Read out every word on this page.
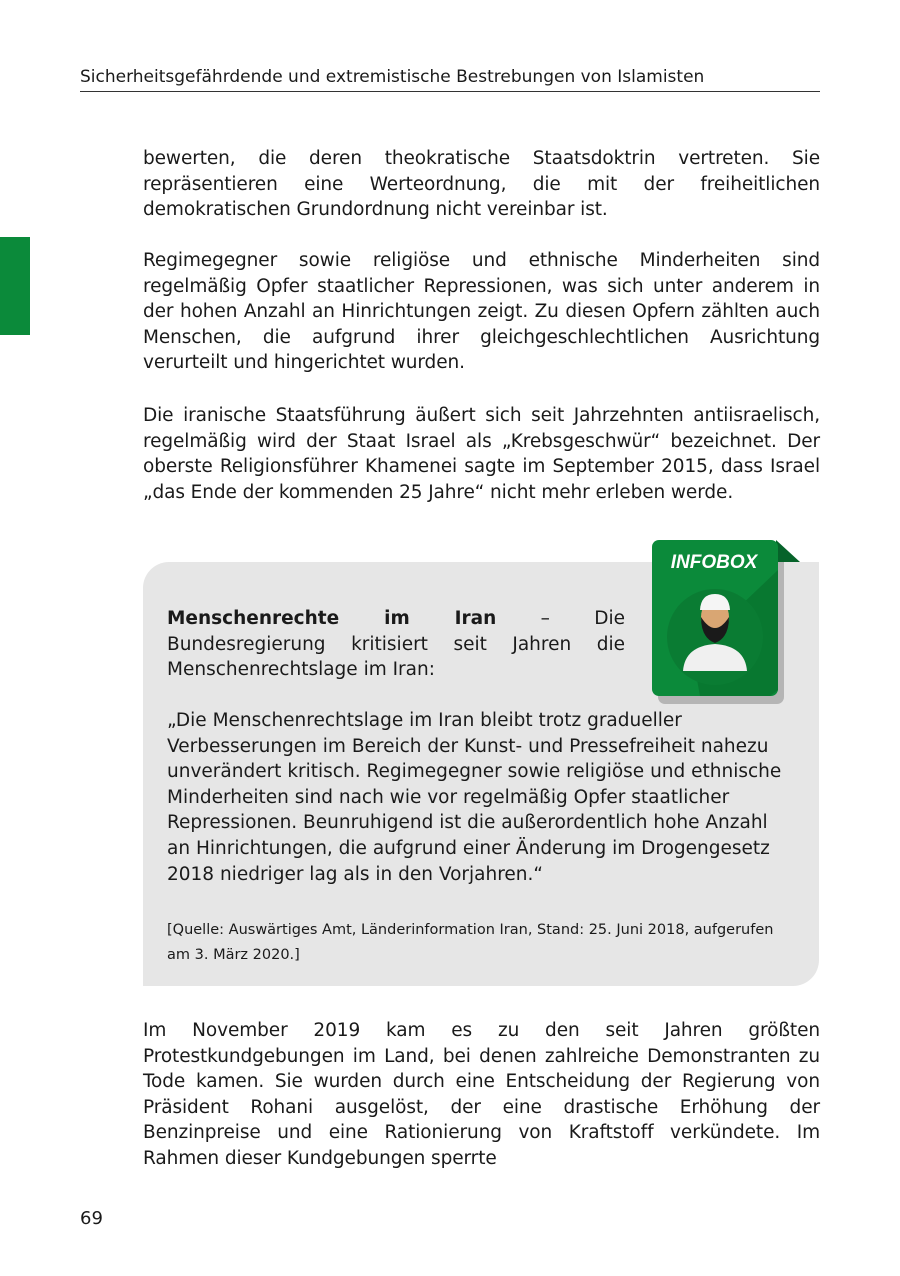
Sicherheitsgefährdende und extremistische Bestrebungen von Islamisten

bewerten, die deren theokratische Staatsdoktrin vertreten. Sie repräsentieren eine Werteordnung, die mit der freiheitlichen demokratischen Grundordnung nicht vereinbar ist.

Regimegegner sowie religiöse und ethnische Minderheiten sind regelmäßig Opfer staatlicher Repressionen, was sich unter anderem in der hohen Anzahl an Hinrichtungen zeigt. Zu diesen Opfern zählten auch Menschen, die aufgrund ihrer gleichgeschlechtlichen Ausrichtung verurteilt und hingerichtet wurden.

Die iranische Staatsführung äußert sich seit Jahrzehnten antiisraelisch, regelmäßig wird der Staat Israel als „Krebsgeschwür“ bezeichnet. Der oberste Religionsführer Khamenei sagte im September 2015, dass Israel „das Ende der kommenden 25 Jahre“ nicht mehr erleben werde.

Menschenrechte im Iran – Die Bundesregierung kritisiert seit Jahren die Menschenrechtslage im Iran:

„Die Menschenrechtslage im Iran bleibt trotz gradueller Verbesserungen im Bereich der Kunst- und Pressefreiheit nahezu unverändert kritisch. Regimegegner sowie religiöse und ethnische Minderheiten sind nach wie vor regelmäßig Opfer staatlicher Repressionen. Beunruhigend ist die außerordentlich hohe Anzahl an Hinrichtungen, die aufgrund einer Änderung im Drogengesetz 2018 niedriger lag als in den Vorjahren.“

[Quelle: Auswärtiges Amt, Länderinformation Iran, Stand: 25. Juni 2018, aufgerufen am 3. März 2020.]

INFOBOX

Im November 2019 kam es zu den seit Jahren größten Protestkundgebungen im Land, bei denen zahlreiche Demonstranten zu Tode kamen. Sie wurden durch eine Entscheidung der Regierung von Präsident Rohani ausgelöst, der eine drastische Erhöhung der Benzinpreise und eine Rationierung von Kraftstoff verkündete. Im Rahmen dieser Kundgebungen sperrte

69
